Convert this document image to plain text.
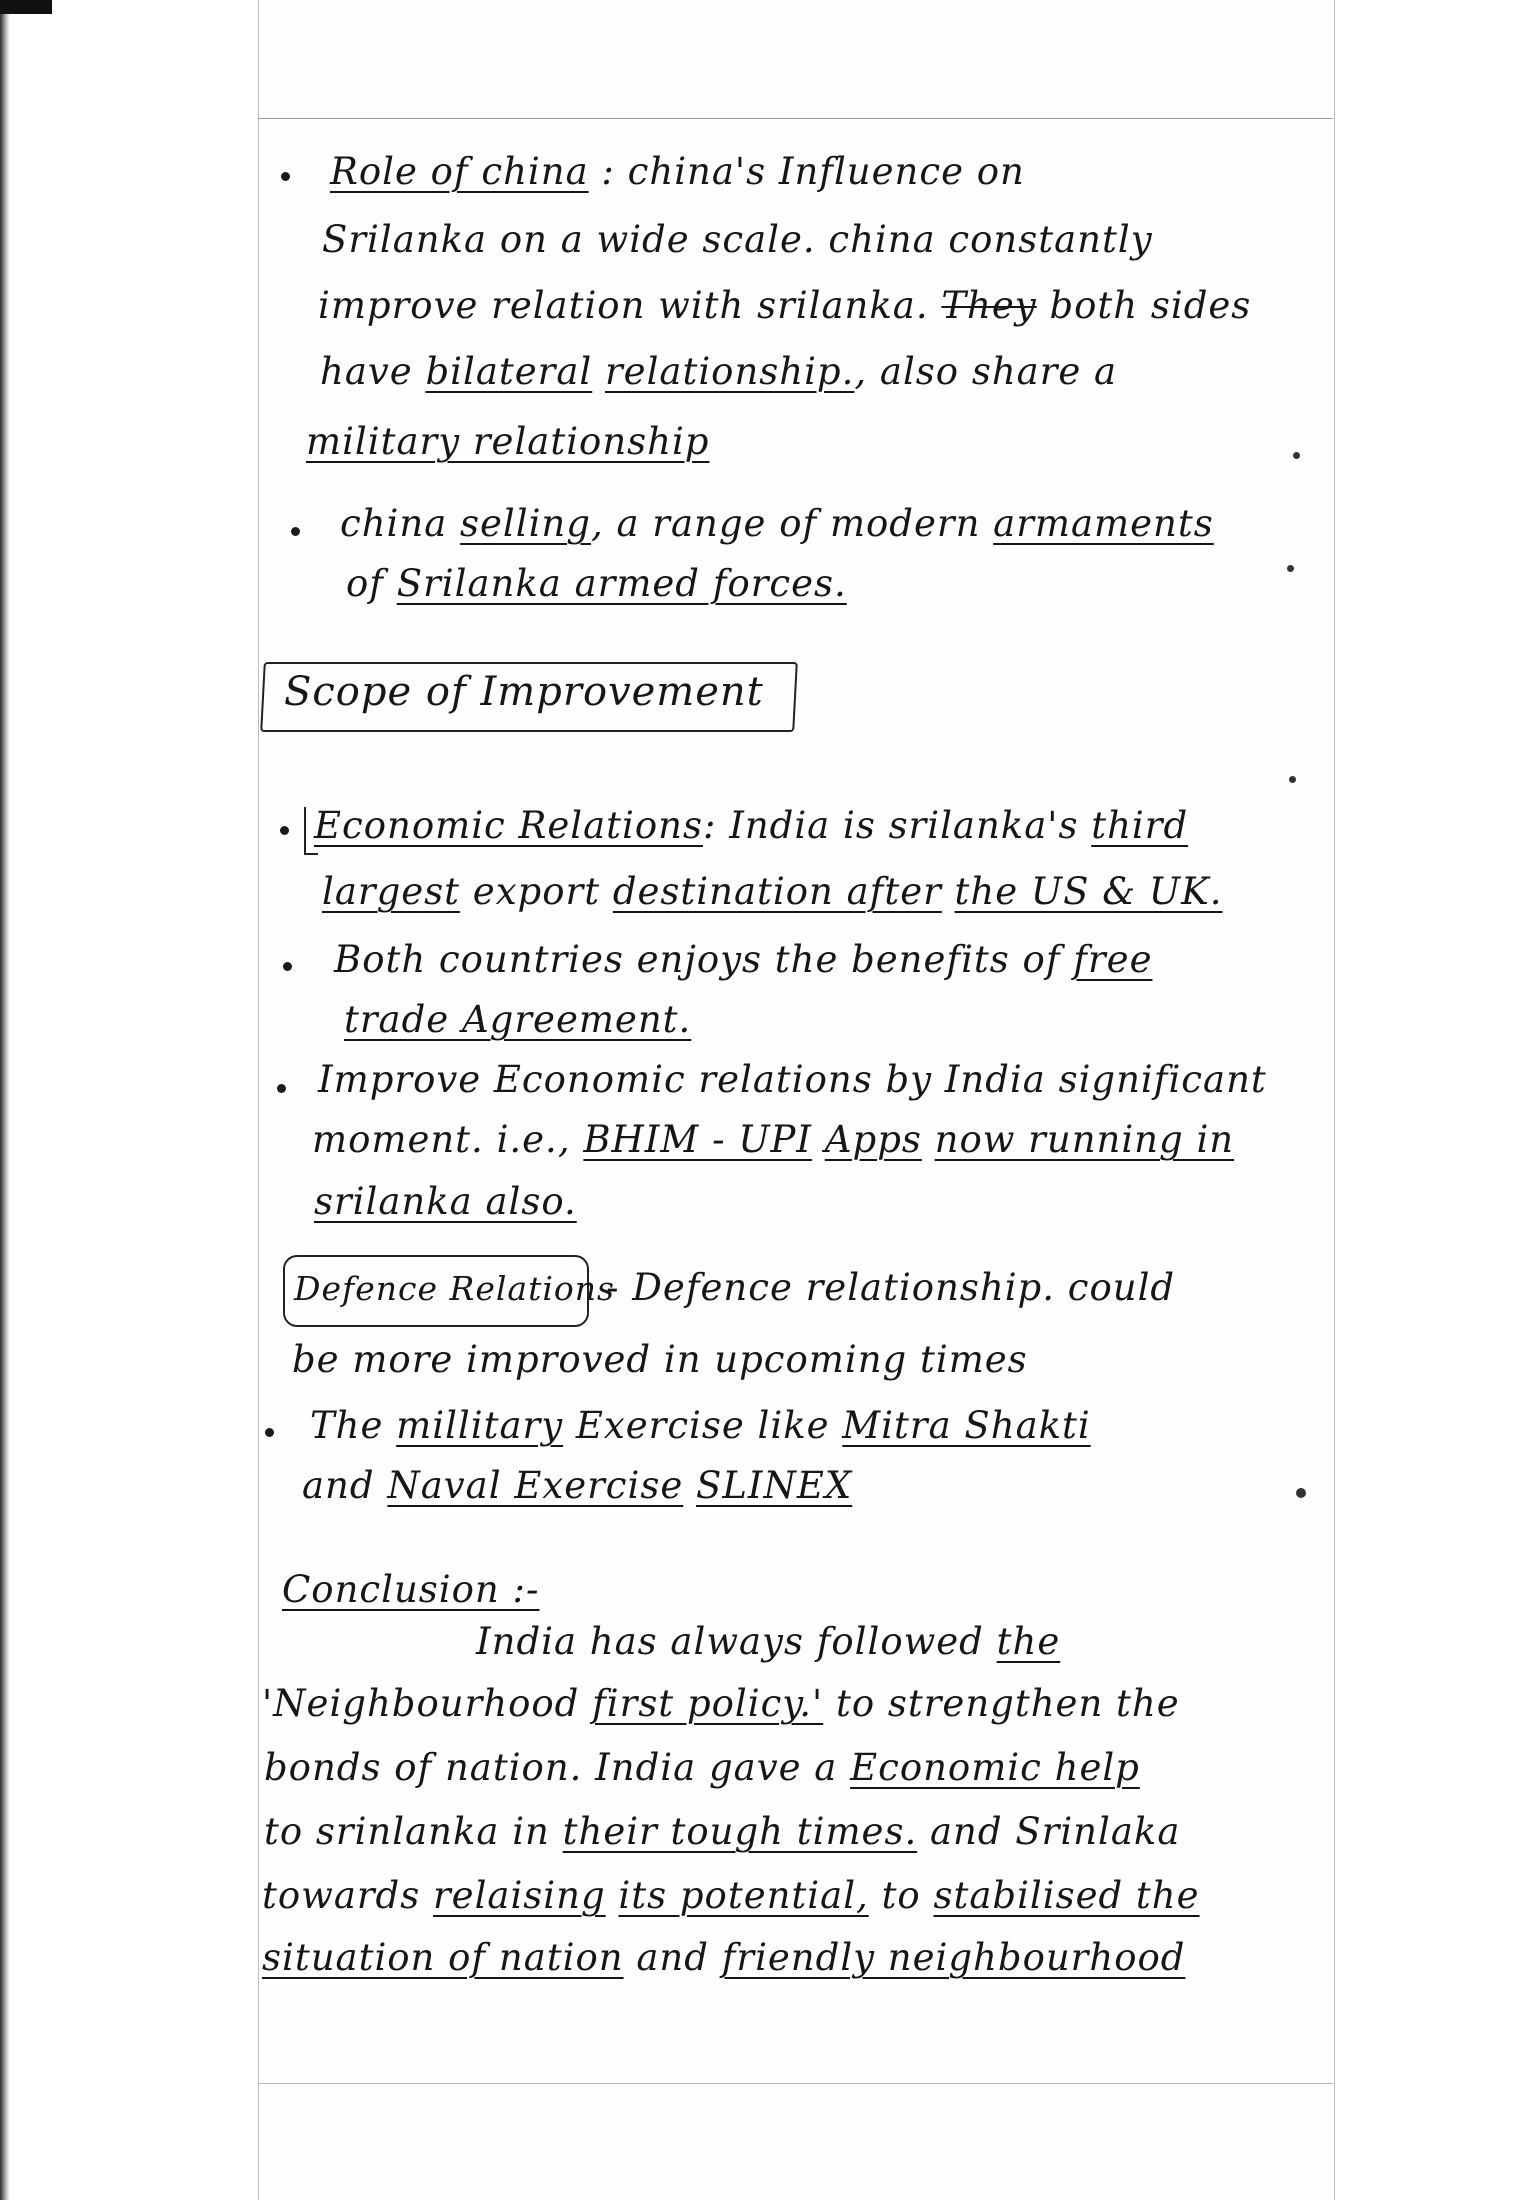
Role of china : china's Influence on
Srilanka on a wide scale. china constantly
improve relation with srilanka. They both sides
have bilateral relationship., also share a
military relationship
china selling, a range of modern armaments
of Srilanka armed forces.
Scope of Improvement
Economic Relations: India is srilanka's third
largest export destination after the US & UK.
Both countries enjoys the benefits of free
trade Agreement.
Improve Economic relations by India significant
moment. i.e., BHIM - UPI Apps now running in
srilanka also.
Defence Relations
- Defence relationship. could
be more improved in upcoming times
The millitary Exercise like Mitra Shakti
and Naval Exercise SLINEX
Conclusion :-
India has always followed the
'Neighbourhood first policy.' to strengthen the
bonds of nation. India gave a Economic help
to srinlanka in their tough times. and Srinlaka
towards relaising its potential, to stabilised the
situation of nation and friendly neighbourhood
